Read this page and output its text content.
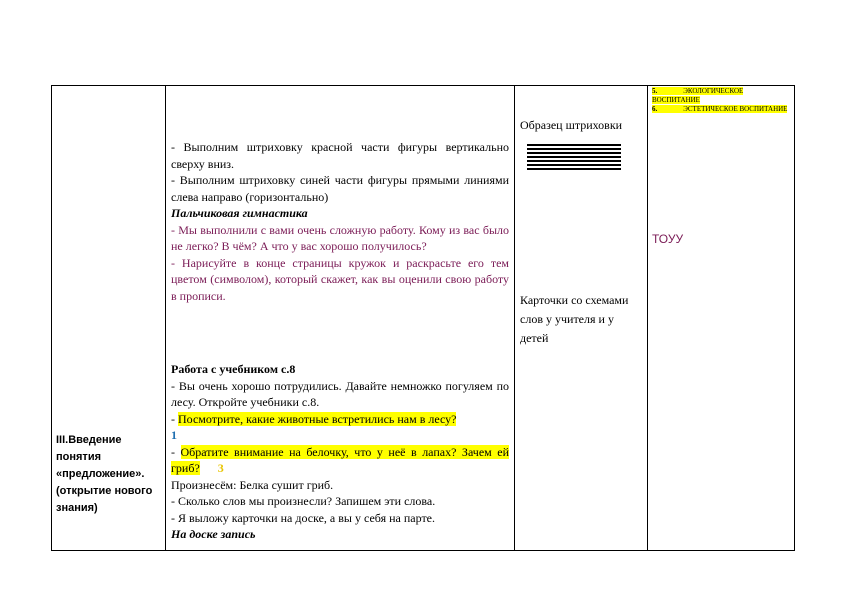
III.Введение понятия «предложение». (открытие нового знания)

- Выполним штриховку красной части фигуры вертикально сверху вниз.

- Выполним штриховку синей части фигуры прямыми линиями слева направо (горизонтально)

Пальчиковая гимнастика

- Мы выполнили с вами очень сложную работу. Кому из вас было не легко? В чём? А что у вас хорошо получилось?

- Нарисуйте в конце страницы кружок и раскрасьте его тем цветом (символом), который скажет, как вы оценили свою работу в прописи.

Работа с учебником с.8

- Вы очень хорошо потрудились. Давайте немножко погуляем по лесу. Откройте учебники с.8.

- Посмотрите, какие животные встретились нам в лесу?
1

- Обратите внимание на белочку, что у неё в лапах? Зачем ей гриб? 3

Произнесём: Белка сушит гриб.

- Сколько слов мы произнесли? Запишем эти слова.

- Я выложу карточки на доске, а вы у себя на парте.

На доске запись

Образец штриховки
Карточки со схемами слов у учителя и у детей
5.	ЭКОЛОГИЧЕСКОЕ ВОСПИТАНИЕ
6.	ЭСТЕТИЧЕСКОЕ ВОСПИТАНИЕ
ТОУУ
